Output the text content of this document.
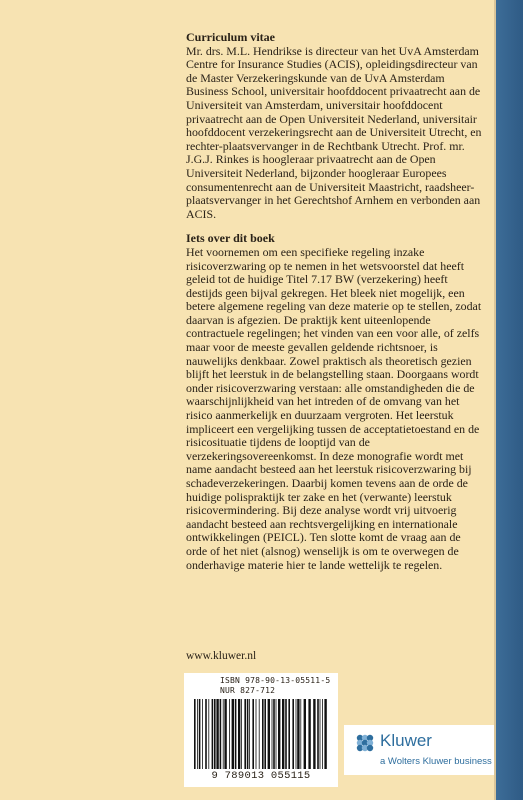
Curriculum vitae

Mr. drs. M.L. Hendrikse is directeur van het UvA Amsterdam Centre for Insurance Studies (ACIS), opleidingsdirecteur van de Master Verzekeringskunde van de UvA Amsterdam Business School, universitair hoofddocent privaatrecht aan de Universiteit van Amsterdam, universitair hoofddocent privaatrecht aan de Open Universiteit Nederland, universitair hoofddocent verzekeringsrecht aan de Universiteit Utrecht, en rechter-plaatsvervanger in de Rechtbank Utrecht. Prof. mr. J.G.J. Rinkes is hoogleraar privaatrecht aan de Open Universiteit Nederland, bijzonder hoogleraar Europees consumentenrecht aan de Universiteit Maastricht, raadsheer-plaatsvervanger in het Gerechtshof Arnhem en verbonden aan ACIS.

Iets over dit boek

Het voornemen om een specifieke regeling inzake risicoverzwaring op te nemen in het wetsvoorstel dat heeft geleid tot de huidige Titel 7.17 BW (verzekering) heeft destijds geen bijval gekregen. Het bleek niet mogelijk, een betere algemene regeling van deze materie op te stellen, zodat daarvan is afgezien. De praktijk kent uiteenlopende contractuele regelingen; het vinden van een voor alle, of zelfs maar voor de meeste gevallen geldende richtsnoer, is nauwelijks denkbaar. Zowel praktisch als theoretisch gezien blijft het leerstuk in de belangstelling staan. Doorgaans wordt onder risicoverzwaring verstaan: alle omstandigheden die de waarschijnlijkheid van het intreden of de omvang van het risico aanmerkelijk en duurzaam vergroten. Het leerstuk impliceert een vergelijking tussen de acceptatietoestand en de risicosituatie tijdens de looptijd van de verzekeringsovereenkomst. In deze monografie wordt met name aandacht besteed aan het leerstuk risicoverzwaring bij schadeverzekeringen. Daarbij komen tevens aan de orde de huidige polispraktijk ter zake en het (verwante) leerstuk risicovermindering. Bij deze analyse wordt vrij uitvoerig aandacht besteed aan rechtsvergelijking en internationale ontwikkelingen (PEICL). Ten slotte komt de vraag aan de orde of het niet (alsnog) wenselijk is om te overwegen de onderhavige materie hier te lande wettelijk te regelen.

www.kluwer.nl
ISBN 978-90-13-05511-5
NUR 827-712
9 789013 055115
Kluwer
a Wolters Kluwer business
